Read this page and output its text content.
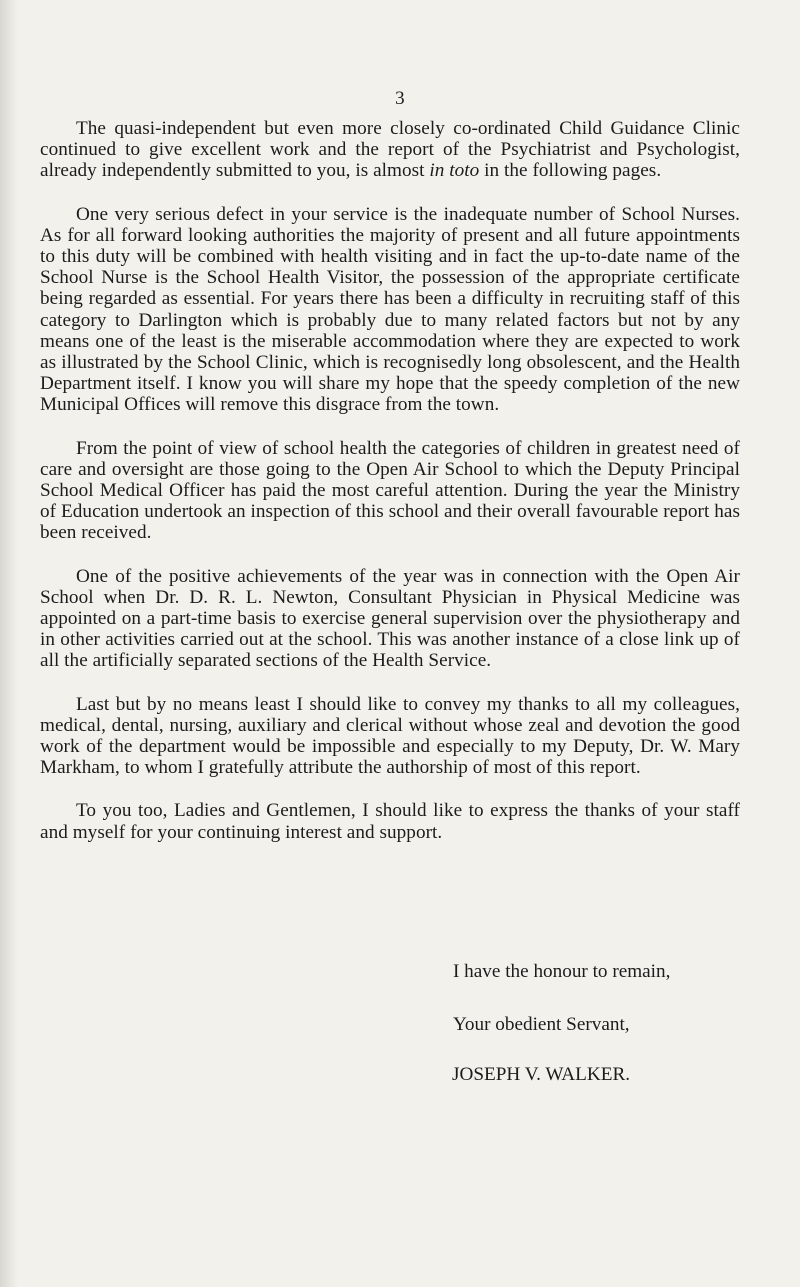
3

The quasi-independent but even more closely co-ordinated Child Guidance Clinic continued to give excellent work and the report of the Psychiatrist and Psychologist, already independently submitted to you, is almost in toto in the following pages.

One very serious defect in your service is the inadequate number of School Nurses. As for all forward looking authorities the majority of present and all future appointments to this duty will be combined with health visiting and in fact the up-to-date name of the School Nurse is the School Health Visitor, the possession of the appropriate certificate being regarded as essential. For years there has been a difficulty in recruiting staff of this category to Darlington which is probably due to many related factors but not by any means one of the least is the miserable accommodation where they are expected to work as illustrated by the School Clinic, which is recognisedly long obsolescent, and the Health Department itself. I know you will share my hope that the speedy completion of the new Municipal Offices will remove this disgrace from the town.

From the point of view of school health the categories of children in greatest need of care and oversight are those going to the Open Air School to which the Deputy Principal School Medical Officer has paid the most careful attention. During the year the Ministry of Education undertook an inspection of this school and their overall favourable report has been received.

One of the positive achievements of the year was in connection with the Open Air School when Dr. D. R. L. Newton, Consultant Physician in Physical Medicine was appointed on a part-time basis to exercise general supervision over the physiotherapy and in other activities carried out at the school. This was another instance of a close link up of all the artificially separated sections of the Health Service.

Last but by no means least I should like to convey my thanks to all my colleagues, medical, dental, nursing, auxiliary and clerical without whose zeal and devotion the good work of the department would be impossible and especially to my Deputy, Dr. W. Mary Markham, to whom I gratefully attribute the authorship of most of this report.

To you too, Ladies and Gentlemen, I should like to express the thanks of your staff and myself for your continuing interest and support.

I have the honour to remain,
Your obedient Servant,
JOSEPH V. WALKER.
